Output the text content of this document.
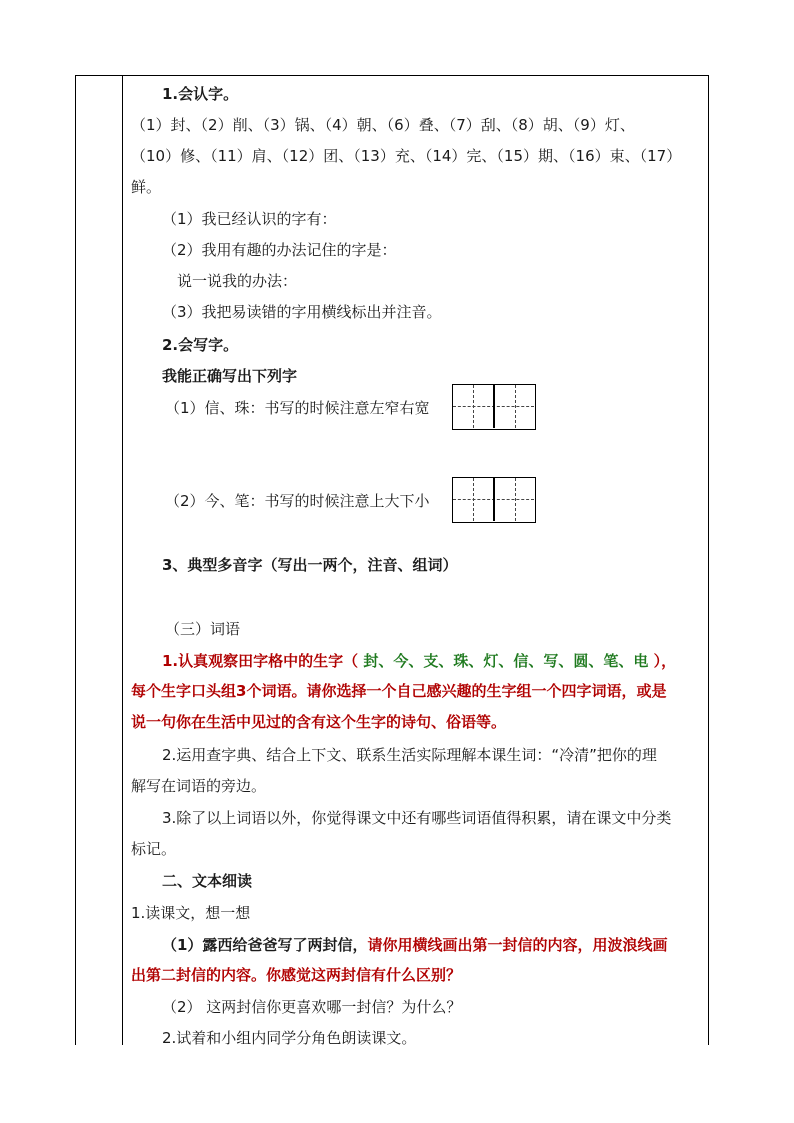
1.会认字。
（1）封、（2）削、（3）锅、（4）朝、（6）叠、（7）刮、（8）胡、（9）灯、
（10）修、（11）肩、（12）团、（13）充、（14）完、（15）期、（16）束、（17）
鲜。
（1）我已经认识的字有：
（2）我用有趣的办法记住的字是：
说一说我的办法：
（3）我把易读错的字用横线标出并注音。
2.会写字。
我能正确写出下列字
（1）信、珠：书写的时候注意左窄右宽
（2）今、笔：书写的时候注意上大下小
3、典型多音字（写出一两个，注音、组词）
（三）词语
1.认真观察田字格中的生字（ 封、今、支、珠、灯、信、写、圆、笔、电 ），
每个生字口头组3个词语。请你选择一个自己感兴趣的生字组一个四字词语，或是
说一句你在生活中见过的含有这个生字的诗句、俗语等。
2.运用查字典、结合上下文、联系生活实际理解本课生词：“冷清”把你的理
解写在词语的旁边。
3.除了以上词语以外，你觉得课文中还有哪些词语值得积累，请在课文中分类
标记。
二、文本细读
1.读课文，想一想
（1）露西给爸爸写了两封信，请你用横线画出第一封信的内容，用波浪线画
出第二封信的内容。你感觉这两封信有什么区别？
（2） 这两封信你更喜欢哪一封信？为什么？
2.试着和小组内同学分角色朗读课文。
